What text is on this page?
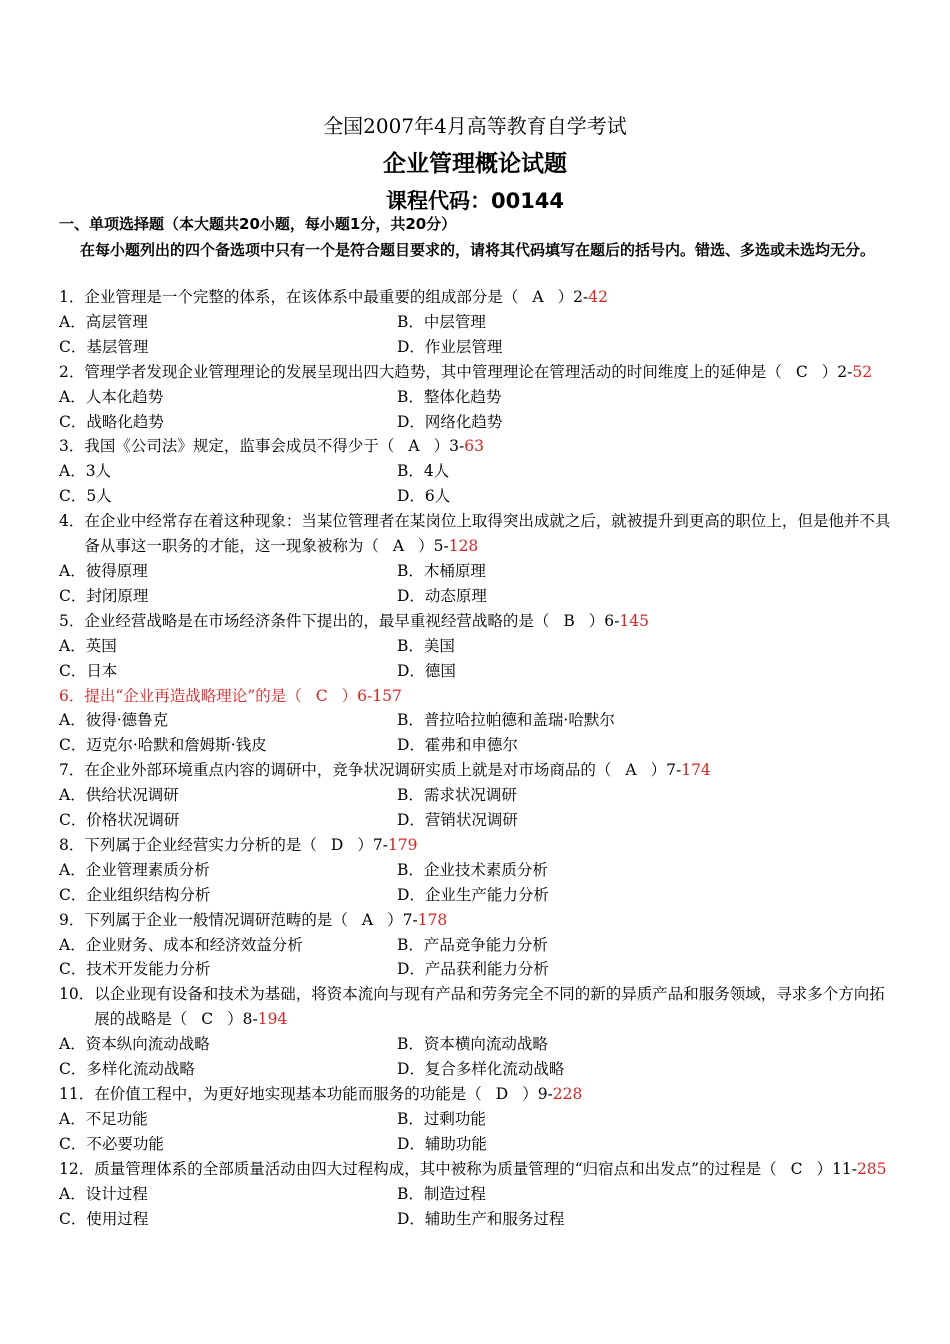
全国2007年4月高等教育自学考试
企业管理概论试题
课程代码：00144
一、单项选择题（本大题共20小题，每小题1分，共20分）
在每小题列出的四个备选项中只有一个是符合题目要求的，请将其代码填写在题后的括号内。错选、多选或未选均无分。
1． 企业管理是一个完整的体系，在该体系中最重要的组成部分是（ A ）2-42
A．高层管理	B．中层管理
C．基层管理	D．作业层管理
2． 管理学者发现企业管理理论的发展呈现出四大趋势，其中管理理论在管理活动的时间维度上的延伸是（ C ）2-52
A．人本化趋势	B．整体化趋势
C．战略化趋势	D．网络化趋势
3． 我国《公司法》规定，监事会成员不得少于（ A ）3-63
A．3人	B．4人
C．5人	D．6人
4． 在企业中经常存在着这种现象：当某位管理者在某岗位上取得突出成就之后，就被提升到更高的职位上，但是他并不具备从事这一职务的才能，这一现象被称为（ A ）5-128
A．彼得原理	B．木桶原理
C．封闭原理	D．动态原理
5． 企业经营战略是在市场经济条件下提出的，最早重视经营战略的是（ B ）6-145
A．英国	B．美国
C．日本	D．德国
6． 提出“企业再造战略理论”的是（ C ）6-157
A．彼得·德鲁克	B．普拉哈拉帕德和盖瑞·哈默尔
C．迈克尔·哈默和詹姆斯·钱皮	D．霍弗和申德尔
7． 在企业外部环境重点内容的调研中，竞争状况调研实质上就是对市场商品的（ A ）7-174
A．供给状况调研	B．需求状况调研
C．价格状况调研	D．营销状况调研
8． 下列属于企业经营实力分析的是（ D ）7-179
A．企业管理素质分析	B．企业技术素质分析
C．企业组织结构分析	D．企业生产能力分析
9． 下列属于企业一般情况调研范畴的是（ A ）7-178
A．企业财务、成本和经济效益分析	B．产品竞争能力分析
C．技术开发能力分析	D．产品获利能力分析
10． 以企业现有设备和技术为基础，将资本流向与现有产品和劳务完全不同的新的异质产品和服务领域，寻求多个方向拓展的战略是（ C ）8-194
A．资本纵向流动战略	B．资本横向流动战略
C．多样化流动战略	D．复合多样化流动战略
11． 在价值工程中，为更好地实现基本功能而服务的功能是（ D ）9-228
A．不足功能	B．过剩功能
C．不必要功能	D．辅助功能
12． 质量管理体系的全部质量活动由四大过程构成，其中被称为质量管理的“归宿点和出发点”的过程是（ C ）11-285
A．设计过程	B．制造过程
C．使用过程	D．辅助生产和服务过程
